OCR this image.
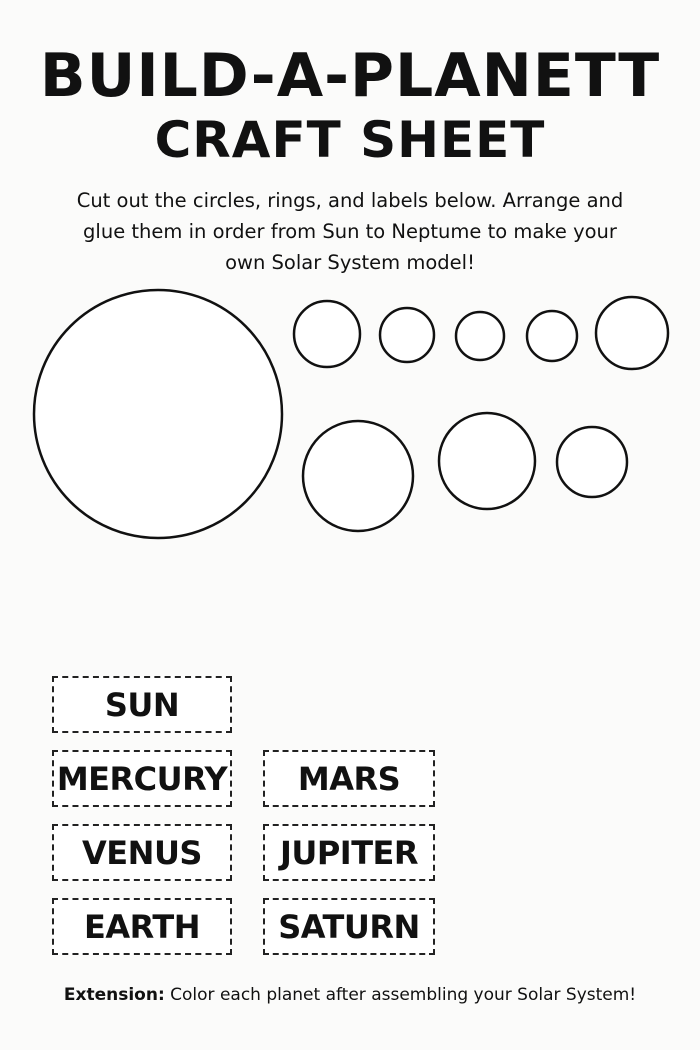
BUILD-A-PLANETT
CRAFT SHEET
Cut out the circles, rings, and labels below. Arrange and glue them in order from Sun to Neptume to make your own Solar System model!
SUN
MERCURY	MARS
VENUS	JUPITER
EARTH	SATURN
Extension: Color each planet after assembling your Solar System!
